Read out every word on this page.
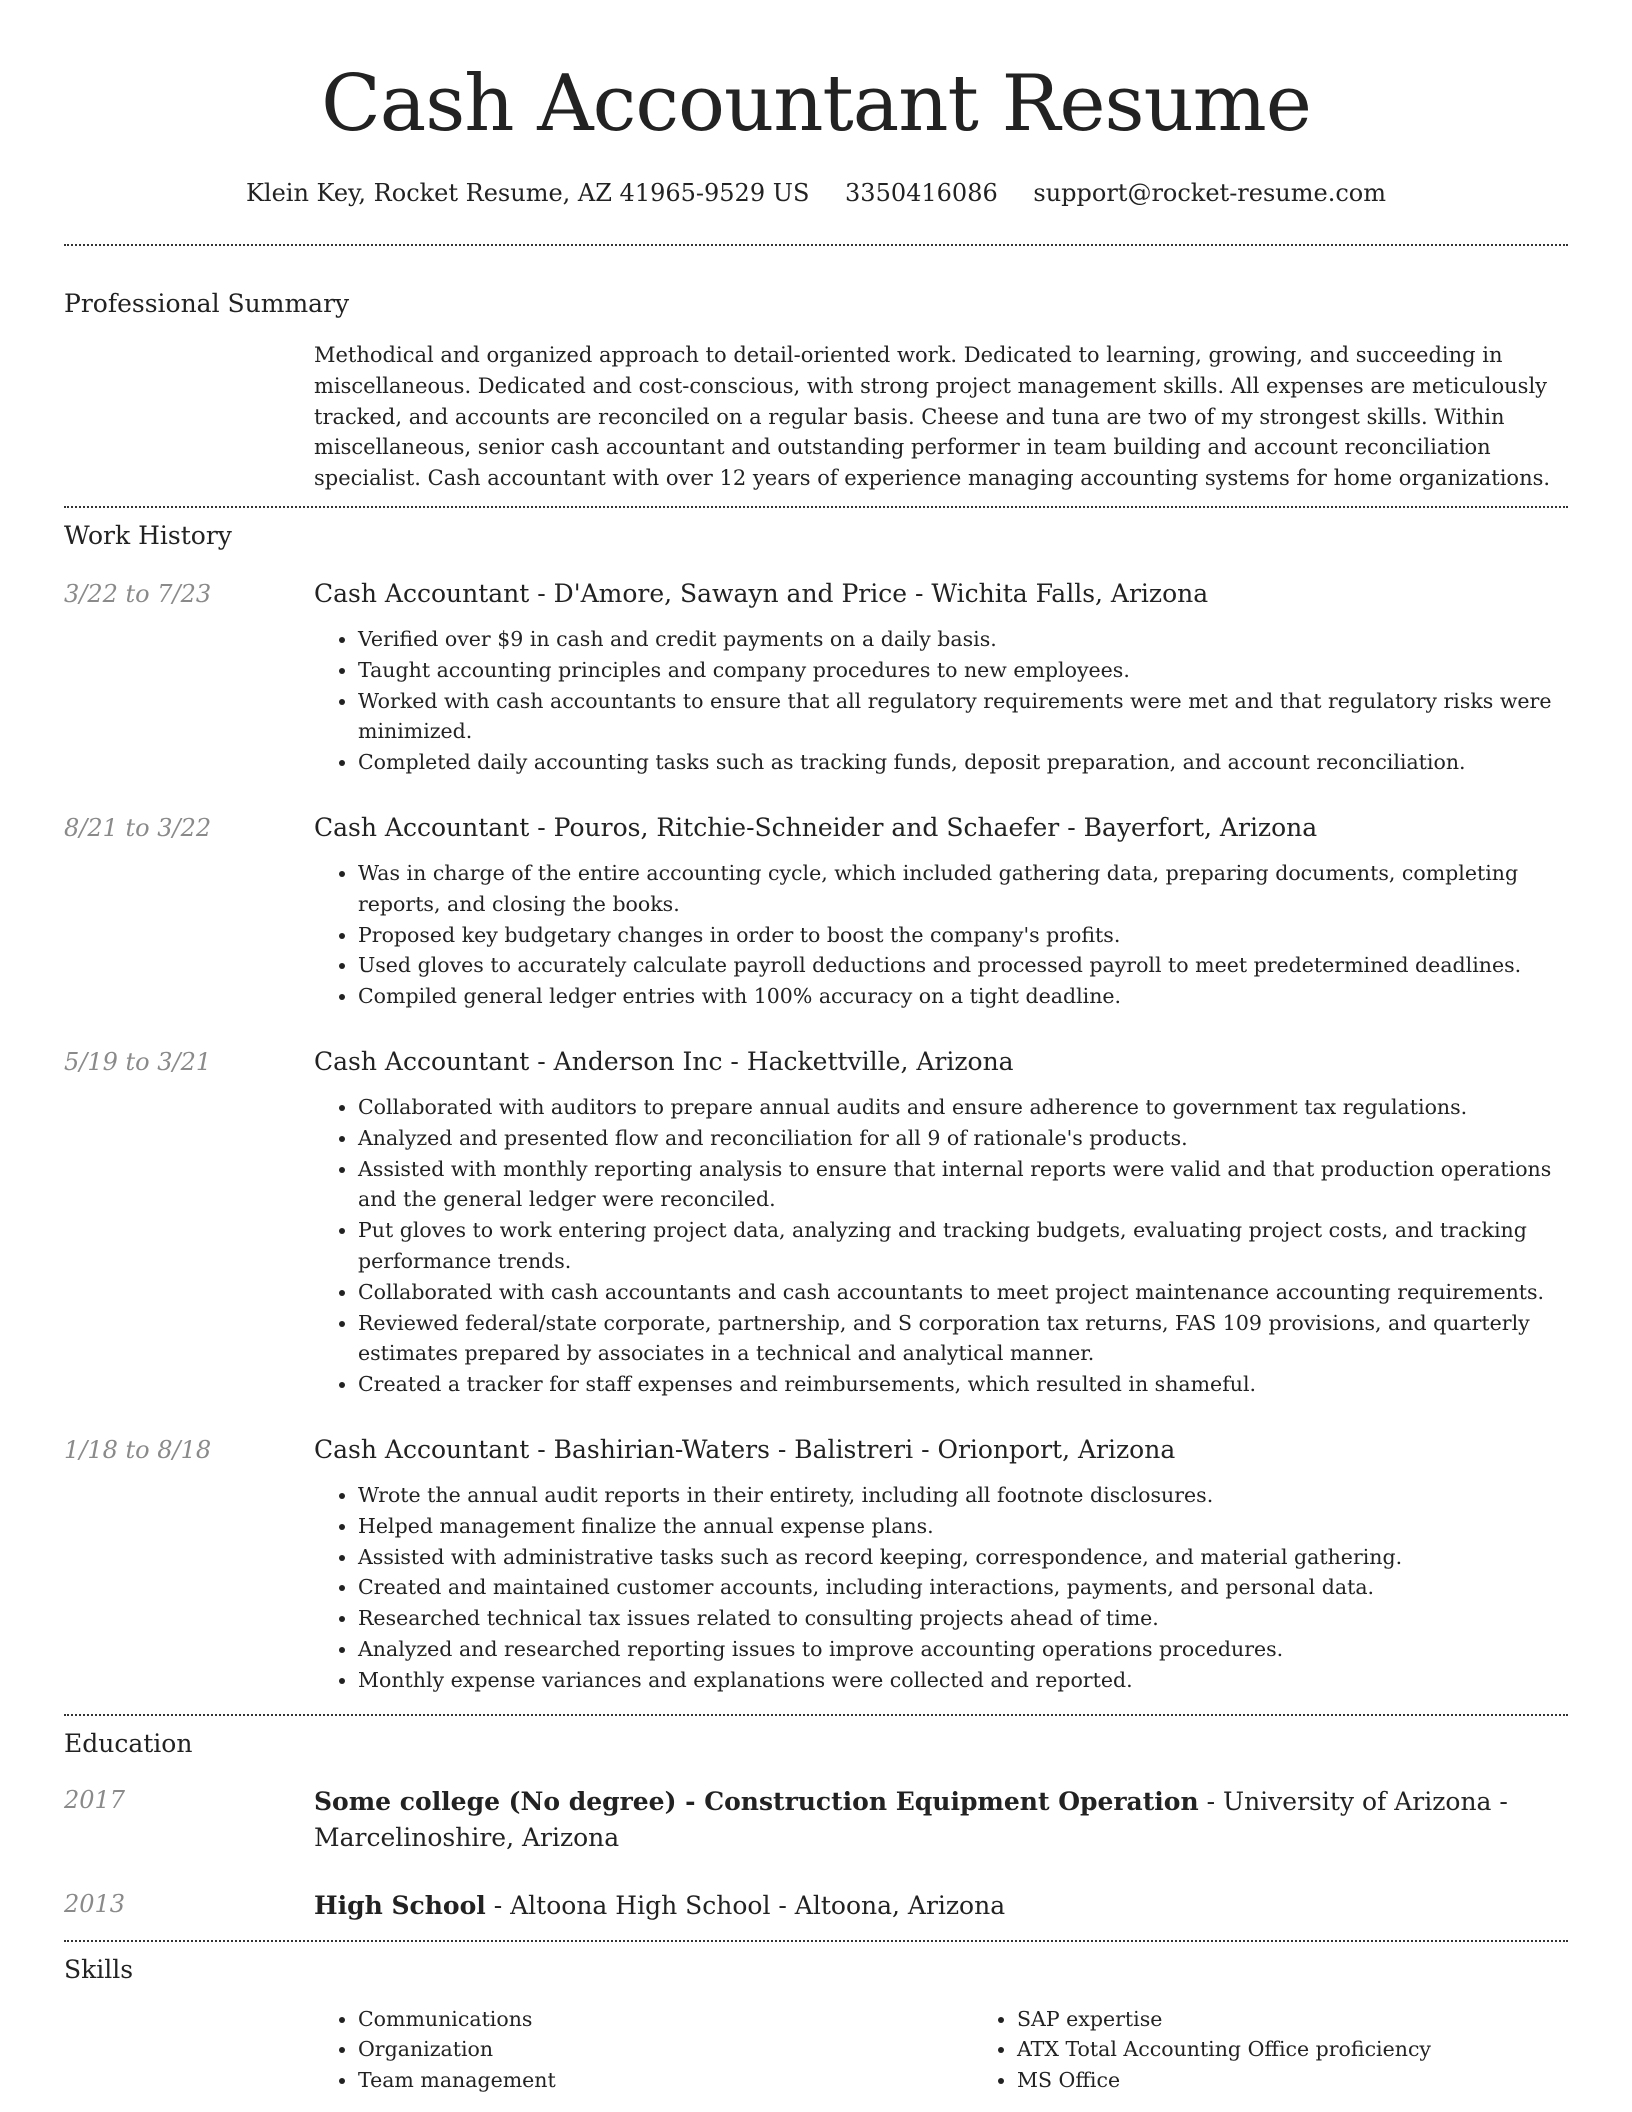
Cash Accountant Resume
Klein Key, Rocket Resume, AZ 41965-9529 US 3350416086 support@rocket-resume.com
Professional Summary
Methodical and organized approach to detail-oriented work. Dedicated to learning, growing, and succeeding in miscellaneous. Dedicated and cost-conscious, with strong project management skills. All expenses are meticulously tracked, and accounts are reconciled on a regular basis. Cheese and tuna are two of my strongest skills. Within miscellaneous, senior cash accountant and outstanding performer in team building and account reconciliation specialist. Cash accountant with over 12 years of experience managing accounting systems for home organizations.
Work History
3/22 to 7/23	Cash Accountant - D'Amore, Sawayn and Price - Wichita Falls, Arizona
• Verified over $9 in cash and credit payments on a daily basis.
• Taught accounting principles and company procedures to new employees.
• Worked with cash accountants to ensure that all regulatory requirements were met and that regulatory risks were minimized.
• Completed daily accounting tasks such as tracking funds, deposit preparation, and account reconciliation.
8/21 to 3/22	Cash Accountant - Pouros, Ritchie-Schneider and Schaefer - Bayerfort, Arizona
• Was in charge of the entire accounting cycle, which included gathering data, preparing documents, completing reports, and closing the books.
• Proposed key budgetary changes in order to boost the company's profits.
• Used gloves to accurately calculate payroll deductions and processed payroll to meet predetermined deadlines.
• Compiled general ledger entries with 100% accuracy on a tight deadline.
5/19 to 3/21	Cash Accountant - Anderson Inc - Hackettville, Arizona
• Collaborated with auditors to prepare annual audits and ensure adherence to government tax regulations.
• Analyzed and presented flow and reconciliation for all 9 of rationale's products.
• Assisted with monthly reporting analysis to ensure that internal reports were valid and that production operations and the general ledger were reconciled.
• Put gloves to work entering project data, analyzing and tracking budgets, evaluating project costs, and tracking performance trends.
• Collaborated with cash accountants and cash accountants to meet project maintenance accounting requirements.
• Reviewed federal/state corporate, partnership, and S corporation tax returns, FAS 109 provisions, and quarterly estimates prepared by associates in a technical and analytical manner.
• Created a tracker for staff expenses and reimbursements, which resulted in shameful.
1/18 to 8/18	Cash Accountant - Bashirian-Waters - Balistreri - Orionport, Arizona
• Wrote the annual audit reports in their entirety, including all footnote disclosures.
• Helped management finalize the annual expense plans.
• Assisted with administrative tasks such as record keeping, correspondence, and material gathering.
• Created and maintained customer accounts, including interactions, payments, and personal data.
• Researched technical tax issues related to consulting projects ahead of time.
• Analyzed and researched reporting issues to improve accounting operations procedures.
• Monthly expense variances and explanations were collected and reported.
Education
2017	Some college (No degree) - Construction Equipment Operation - University of Arizona - Marcelinoshire, Arizona
2013	High School - Altoona High School - Altoona, Arizona
Skills
• Communications
• Organization
• Team management
• SAP expertise
• ATX Total Accounting Office proficiency
• MS Office
